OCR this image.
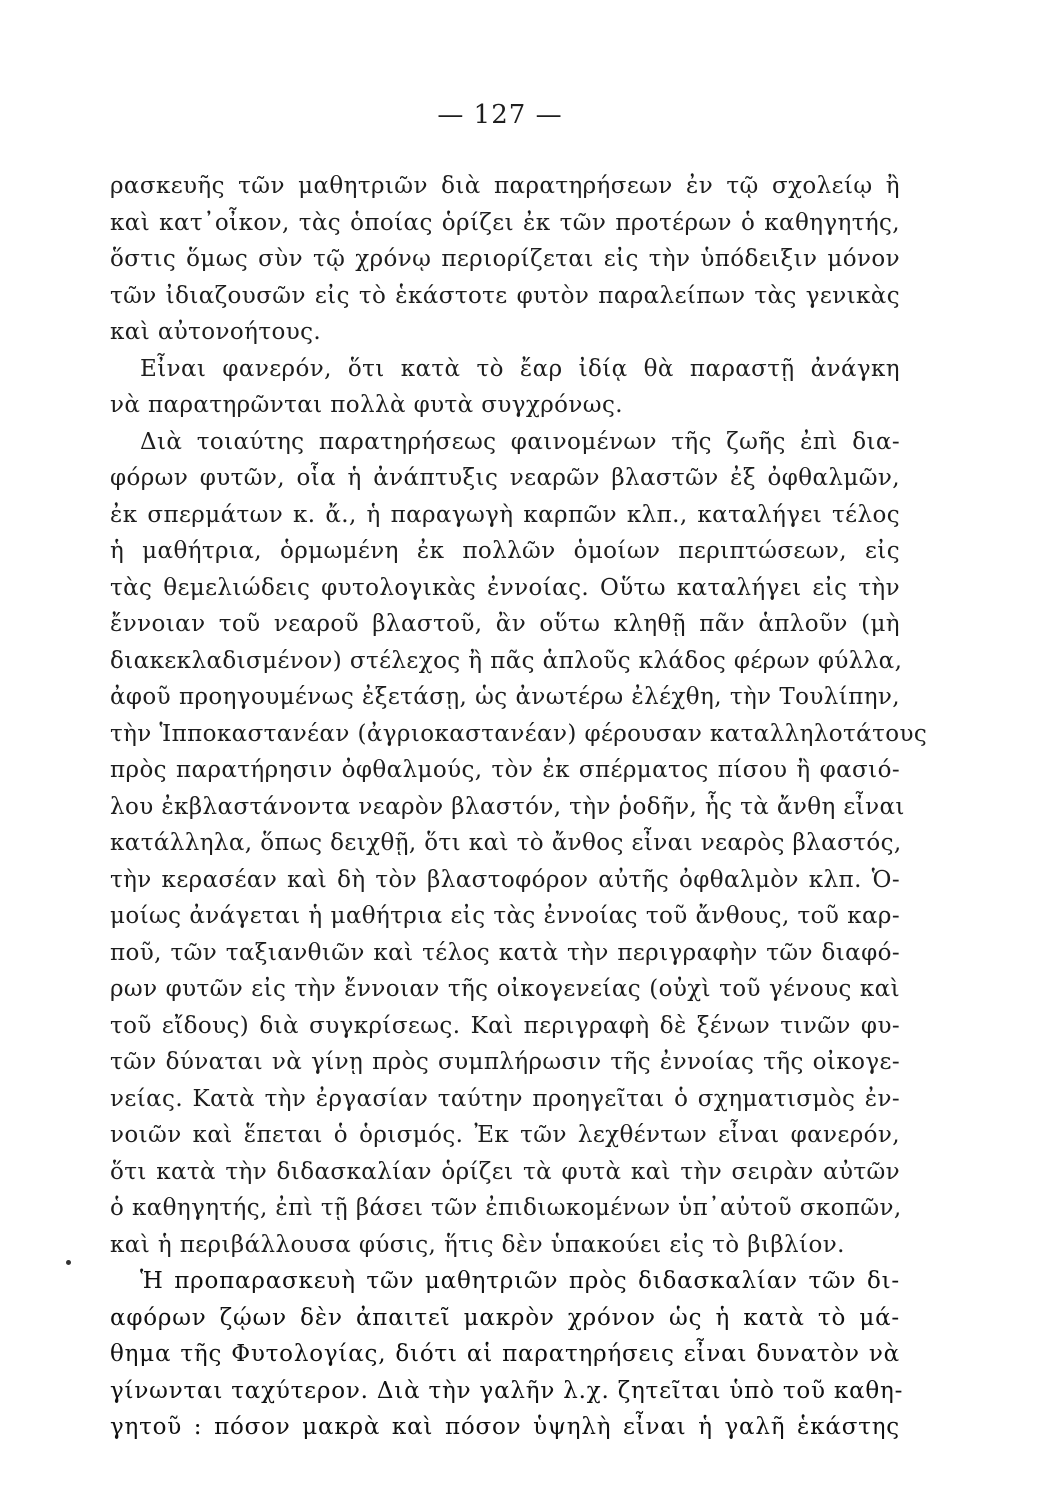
— 127 —
ρασκευῆς τῶν μαθητριῶν διὰ παρατηρήσεων ἐν τῷ σχολείῳ ἢ
καὶ κατ᾽οἶκον, τὰς ὁποίας ὁρίζει ἐκ τῶν προτέρων ὁ καθηγητής,
ὅστις ὅμως σὺν τῷ χρόνῳ περιορίζεται εἰς τὴν ὑπόδειξιν μόνον
τῶν ἰδιαζουσῶν εἰς τὸ ἑκάστοτε φυτὸν παραλείπων τὰς γενικὰς
καὶ αὐτονοήτους.
Εἶναι φανερόν, ὅτι κατὰ τὸ ἔαρ ἰδίᾳ θὰ παραστῇ ἀνάγκη
νὰ παρατηρῶνται πολλὰ φυτὰ συγχρόνως.
Διὰ τοιαύτης παρατηρήσεως φαινομένων τῆς ζωῆς ἐπὶ δια-
φόρων φυτῶν, οἷα ἡ ἀνάπτυξις νεαρῶν βλαστῶν ἐξ ὀφθαλμῶν,
ἐκ σπερμάτων κ. ἄ., ἡ παραγωγὴ καρπῶν κλπ., καταλήγει τέλος
ἡ μαθήτρια, ὁρμωμένη ἐκ πολλῶν ὁμοίων περιπτώσεων, εἰς
τὰς θεμελιώδεις φυτολογικὰς ἐννοίας. Οὕτω καταλήγει εἰς τὴν
ἔννοιαν τοῦ νεαροῦ βλαστοῦ, ἂν οὕτω κληθῇ πᾶν ἁπλοῦν (μὴ
διακεκλαδισμένον) στέλεχος ἢ πᾶς ἁπλοῦς κλάδος φέρων φύλλα,
ἀφοῦ προηγουμένως ἐξετάσῃ, ὡς ἀνωτέρω ἐλέχθη, τὴν Τουλίπην,
τὴν Ἱπποκαστανέαν (ἀγριοκαστανέαν) φέρουσαν καταλληλοτάτους
πρὸς παρατήρησιν ὀφθαλμούς, τὸν ἐκ σπέρματος πίσου ἢ φασιό-
λου ἐκβλαστάνοντα νεαρὸν βλαστόν, τὴν ῥοδῆν, ἧς τὰ ἄνθη εἶναι
κατάλληλα, ὅπως δειχθῇ, ὅτι καὶ τὸ ἄνθος εἶναι νεαρὸς βλαστός,
τὴν κερασέαν καὶ δὴ τὸν βλαστοφόρον αὐτῆς ὀφθαλμὸν κλπ. Ὁ-
μοίως ἀνάγεται ἡ μαθήτρια εἰς τὰς ἐννοίας τοῦ ἄνθους, τοῦ καρ-
ποῦ, τῶν ταξιανθιῶν καὶ τέλος κατὰ τὴν περιγραφὴν τῶν διαφό-
ρων φυτῶν εἰς τὴν ἔννοιαν τῆς οἰκογενείας (οὐχὶ τοῦ γένους καὶ
τοῦ εἴδους) διὰ συγκρίσεως. Καὶ περιγραφὴ δὲ ξένων τινῶν φυ-
τῶν δύναται νὰ γίνῃ πρὸς συμπλήρωσιν τῆς ἐννοίας τῆς οἰκογε-
νείας. Κατὰ τὴν ἐργασίαν ταύτην προηγεῖται ὁ σχηματισμὸς ἐν-
νοιῶν καὶ ἕπεται ὁ ὁρισμός. Ἐκ τῶν λεχθέντων εἶναι φανερόν,
ὅτι κατὰ τὴν διδασκαλίαν ὁρίζει τὰ φυτὰ καὶ τὴν σειρὰν αὐτῶν
ὁ καθηγητής, ἐπὶ τῇ βάσει τῶν ἐπιδιωκομένων ὑπ᾽αὐτοῦ σκοπῶν,
καὶ ἡ περιβάλλουσα φύσις, ἥτις δὲν ὑπακούει εἰς τὸ βιβλίον.
Ἡ προπαρασκευὴ τῶν μαθητριῶν πρὸς διδασκαλίαν τῶν δι-
αφόρων ζῴων δὲν ἀπαιτεῖ μακρὸν χρόνον ὡς ἡ κατὰ τὸ μά-
θημα τῆς Φυτολογίας, διότι αἱ παρατηρήσεις εἶναι δυνατὸν νὰ
γίνωνται ταχύτερον. Διὰ τὴν γαλῆν λ.χ. ζητεῖται ὑπὸ τοῦ καθη-
γητοῦ : πόσον μακρὰ καὶ πόσον ὑψηλὴ εἶναι ἡ γαλῆ ἑκάστης
